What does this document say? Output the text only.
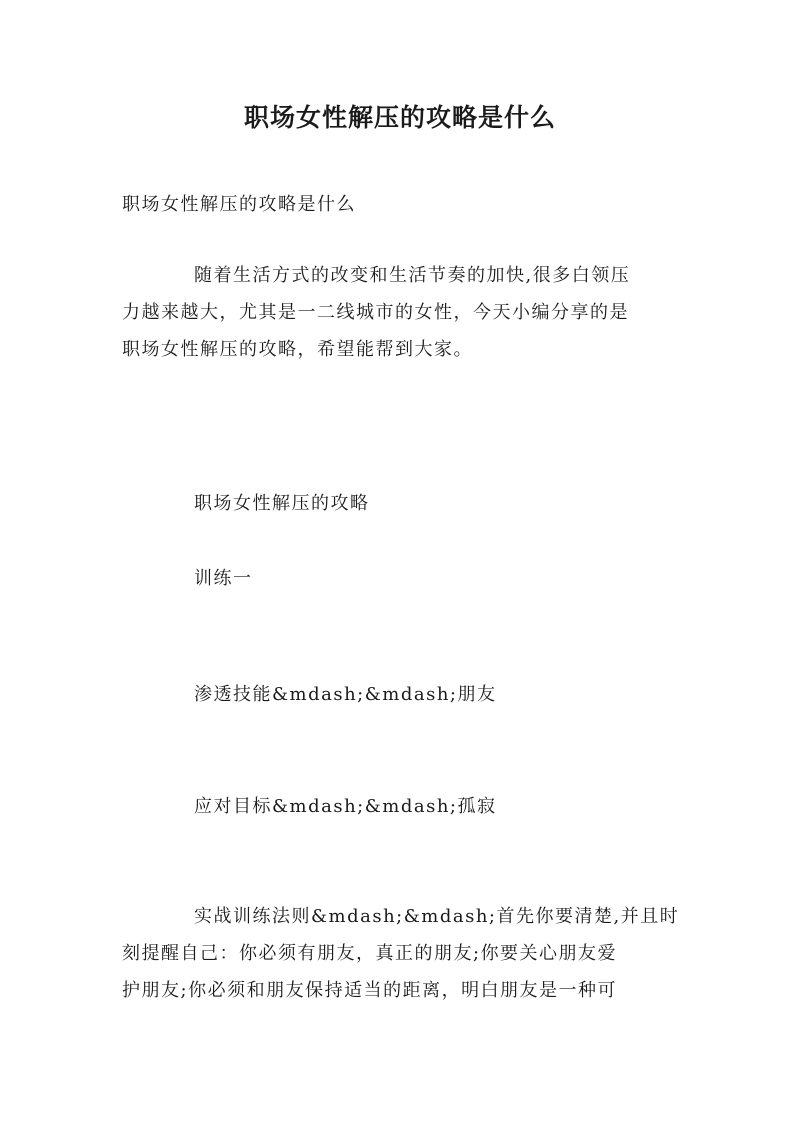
职场女性解压的攻略是什么

职场女性解压的攻略是什么

随着生活方式的改变和生活节奏的加快,很多白领压
力越来越大，尤其是一二线城市的女性，今天小编分享的是
职场女性解压的攻略，希望能帮到大家。

职场女性解压的攻略

训练一

渗透技能&mdash;&mdash;朋友

应对目标&mdash;&mdash;孤寂

实战训练法则&mdash;&mdash;首先你要清楚,并且时
刻提醒自己：你必须有朋友，真正的朋友;你要关心朋友爱
护朋友;你必须和朋友保持适当的距离，明白朋友是一种可
